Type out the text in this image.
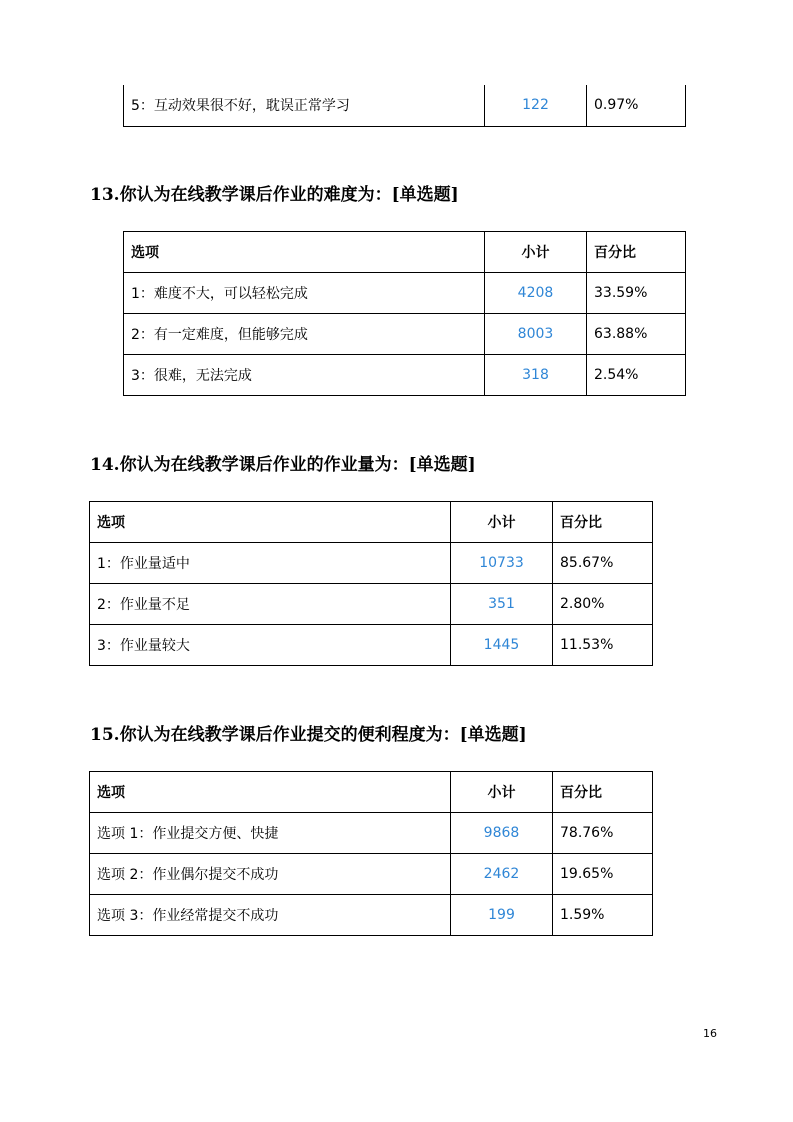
5：互动效果很不好，耽误正常学习	122	0.97%
13.你认为在线教学课后作业的难度为：[单选题]
选项	小计	百分比
1：难度不大，可以轻松完成	4208	33.59%
2：有一定难度，但能够完成	8003	63.88%
3：很难，无法完成	318	2.54%
14.你认为在线教学课后作业的作业量为：[单选题]
选项	小计	百分比
1：作业量适中	10733	85.67%
2：作业量不足	351	2.80%
3：作业量较大	1445	11.53%
15.你认为在线教学课后作业提交的便利程度为：[单选题]
选项	小计	百分比
选项 1：作业提交方便、快捷	9868	78.76%
选项 2：作业偶尔提交不成功	2462	19.65%
选项 3：作业经常提交不成功	199	1.59%
16
